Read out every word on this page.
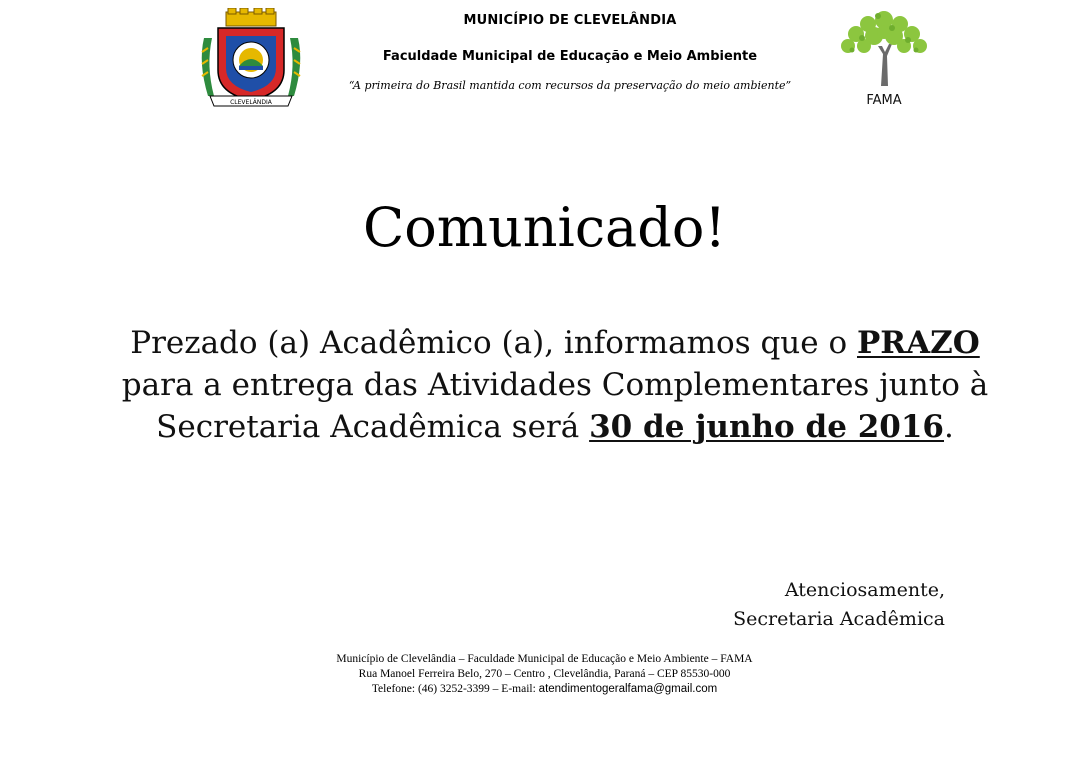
CLEVELÂNDIA
MUNICÍPIO DE CLEVELÂNDIA
Faculdade Municipal de Educação e Meio Ambiente
“A primeira do Brasil mantida com recursos da preservação do meio ambiente”
FAMA
Comunicado!
Prezado (a) Acadêmico (a), informamos que o PRAZO para a entrega das Atividades Complementares junto à Secretaria Acadêmica será 30 de junho de 2016.
Atenciosamente,
Secretaria Acadêmica
Município de Clevelândia – Faculdade Municipal de Educação e Meio Ambiente – FAMA
Rua Manoel Ferreira Belo, 270 – Centro , Clevelândia, Paraná – CEP 85530-000
Telefone: (46) 3252-3399 – E-mail: atendimentogeralfama@gmail.com
